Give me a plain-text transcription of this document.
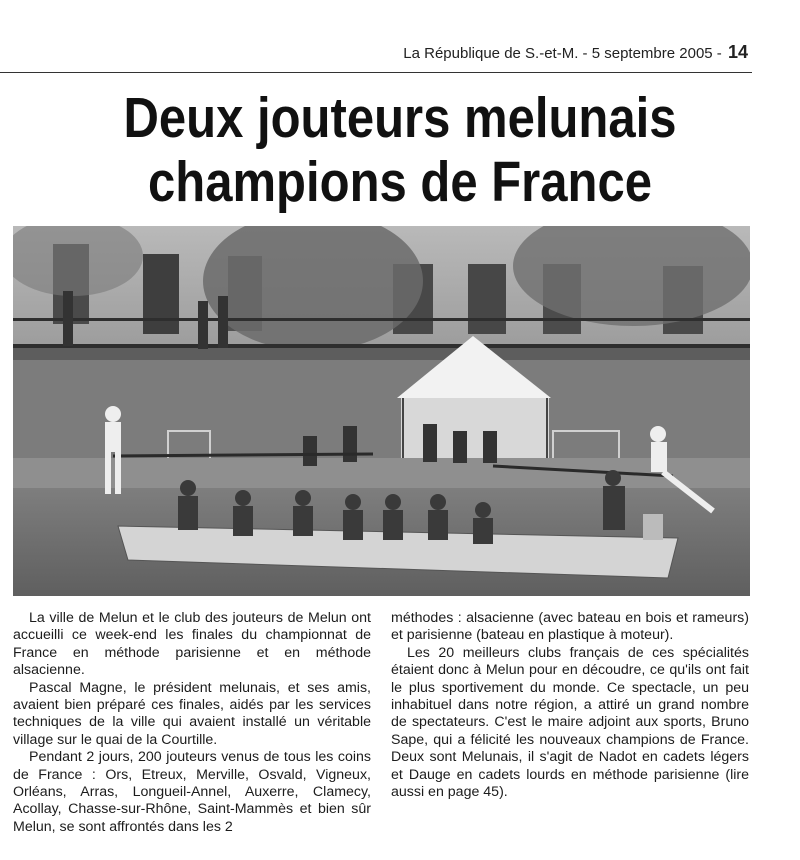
La République de S.-et-M. - 5 septembre 2005 - 14
Deux jouteurs melunais
champions de France

La ville de Melun et le club des jouteurs de Melun ont accueilli ce week-end les finales du championnat de France en méthode parisienne et en méthode alsacienne.

Pascal Magne, le président melunais, et ses amis, avaient bien préparé ces finales, aidés par les services techniques de la ville qui avaient installé un véritable village sur le quai de la Courtille.

Pendant 2 jours, 200 jouteurs venus de tous les coins de France : Ors, Etreux, Merville, Osvald, Vigneux, Orléans, Arras, Longueil-Annel, Auxerre, Clamecy, Acollay, Chasse-sur-Rhône, Saint-Mammès et bien sûr Melun, se sont affrontés dans les 2

méthodes : alsacienne (avec bateau en bois et rameurs) et parisienne (bateau en plastique à moteur).

Les 20 meilleurs clubs français de ces spécialités étaient donc à Melun pour en découdre, ce qu'ils ont fait le plus sportivement du monde. Ce spectacle, un peu inhabituel dans notre région, a attiré un grand nombre de spectateurs. C'est le maire adjoint aux sports, Bruno Sape, qui a félicité les nouveaux champions de France. Deux sont Melunais, il s'agit de Nadot en cadets légers et Dauge en cadets lourds en méthode parisienne (lire aussi en page 45).
